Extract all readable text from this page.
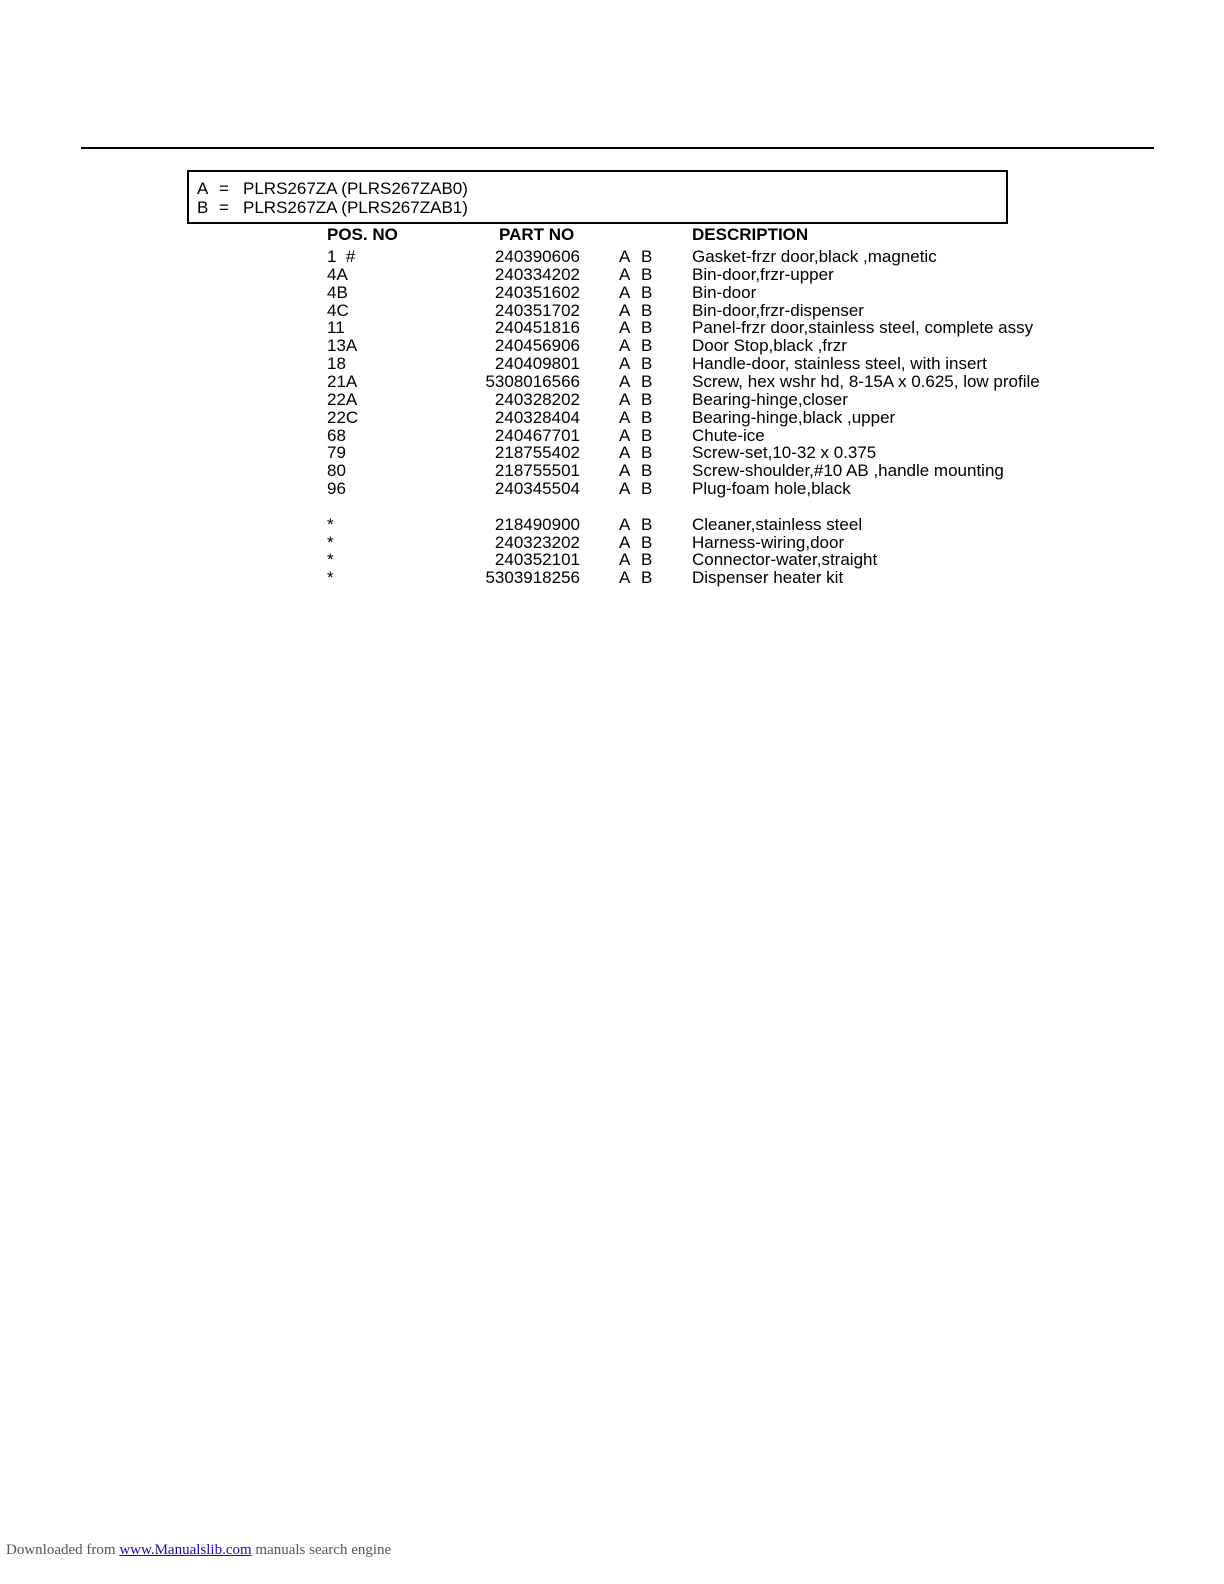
A = PLRS267ZA (PLRS267ZAB0)
B = PLRS267ZA (PLRS267ZAB1)
POS. NO	PART NO	DESCRIPTION
1  #	240390606 A B Gasket-frzr door,black ,magnetic
4A	240334202 A B Bin-door,frzr-upper
4B	240351602 A B Bin-door
4C	240351702 A B Bin-door,frzr-dispenser
11	240451816 A B Panel-frzr door,stainless steel, complete assy
13A	240456906 A B Door Stop,black ,frzr
18	240409801 A B Handle-door, stainless steel, with insert
21A	5308016566 A B Screw, hex wshr hd, 8-15A x 0.625, low profile
22A	240328202 A B Bearing-hinge,closer
22C	240328404 A B Bearing-hinge,black ,upper
68	240467701 A B Chute-ice
79	218755402 A B Screw-set,10-32 x 0.375
80	218755501 A B Screw-shoulder,#10 AB ,handle mounting
96	240345504 A B Plug-foam hole,black
*	218490900 A B Cleaner,stainless steel
*	240323202 A B Harness-wiring,door
*	240352101 A B Connector-water,straight
*	5303918256 A B Dispenser heater kit
Downloaded from www.Manualslib.com manuals search engine
